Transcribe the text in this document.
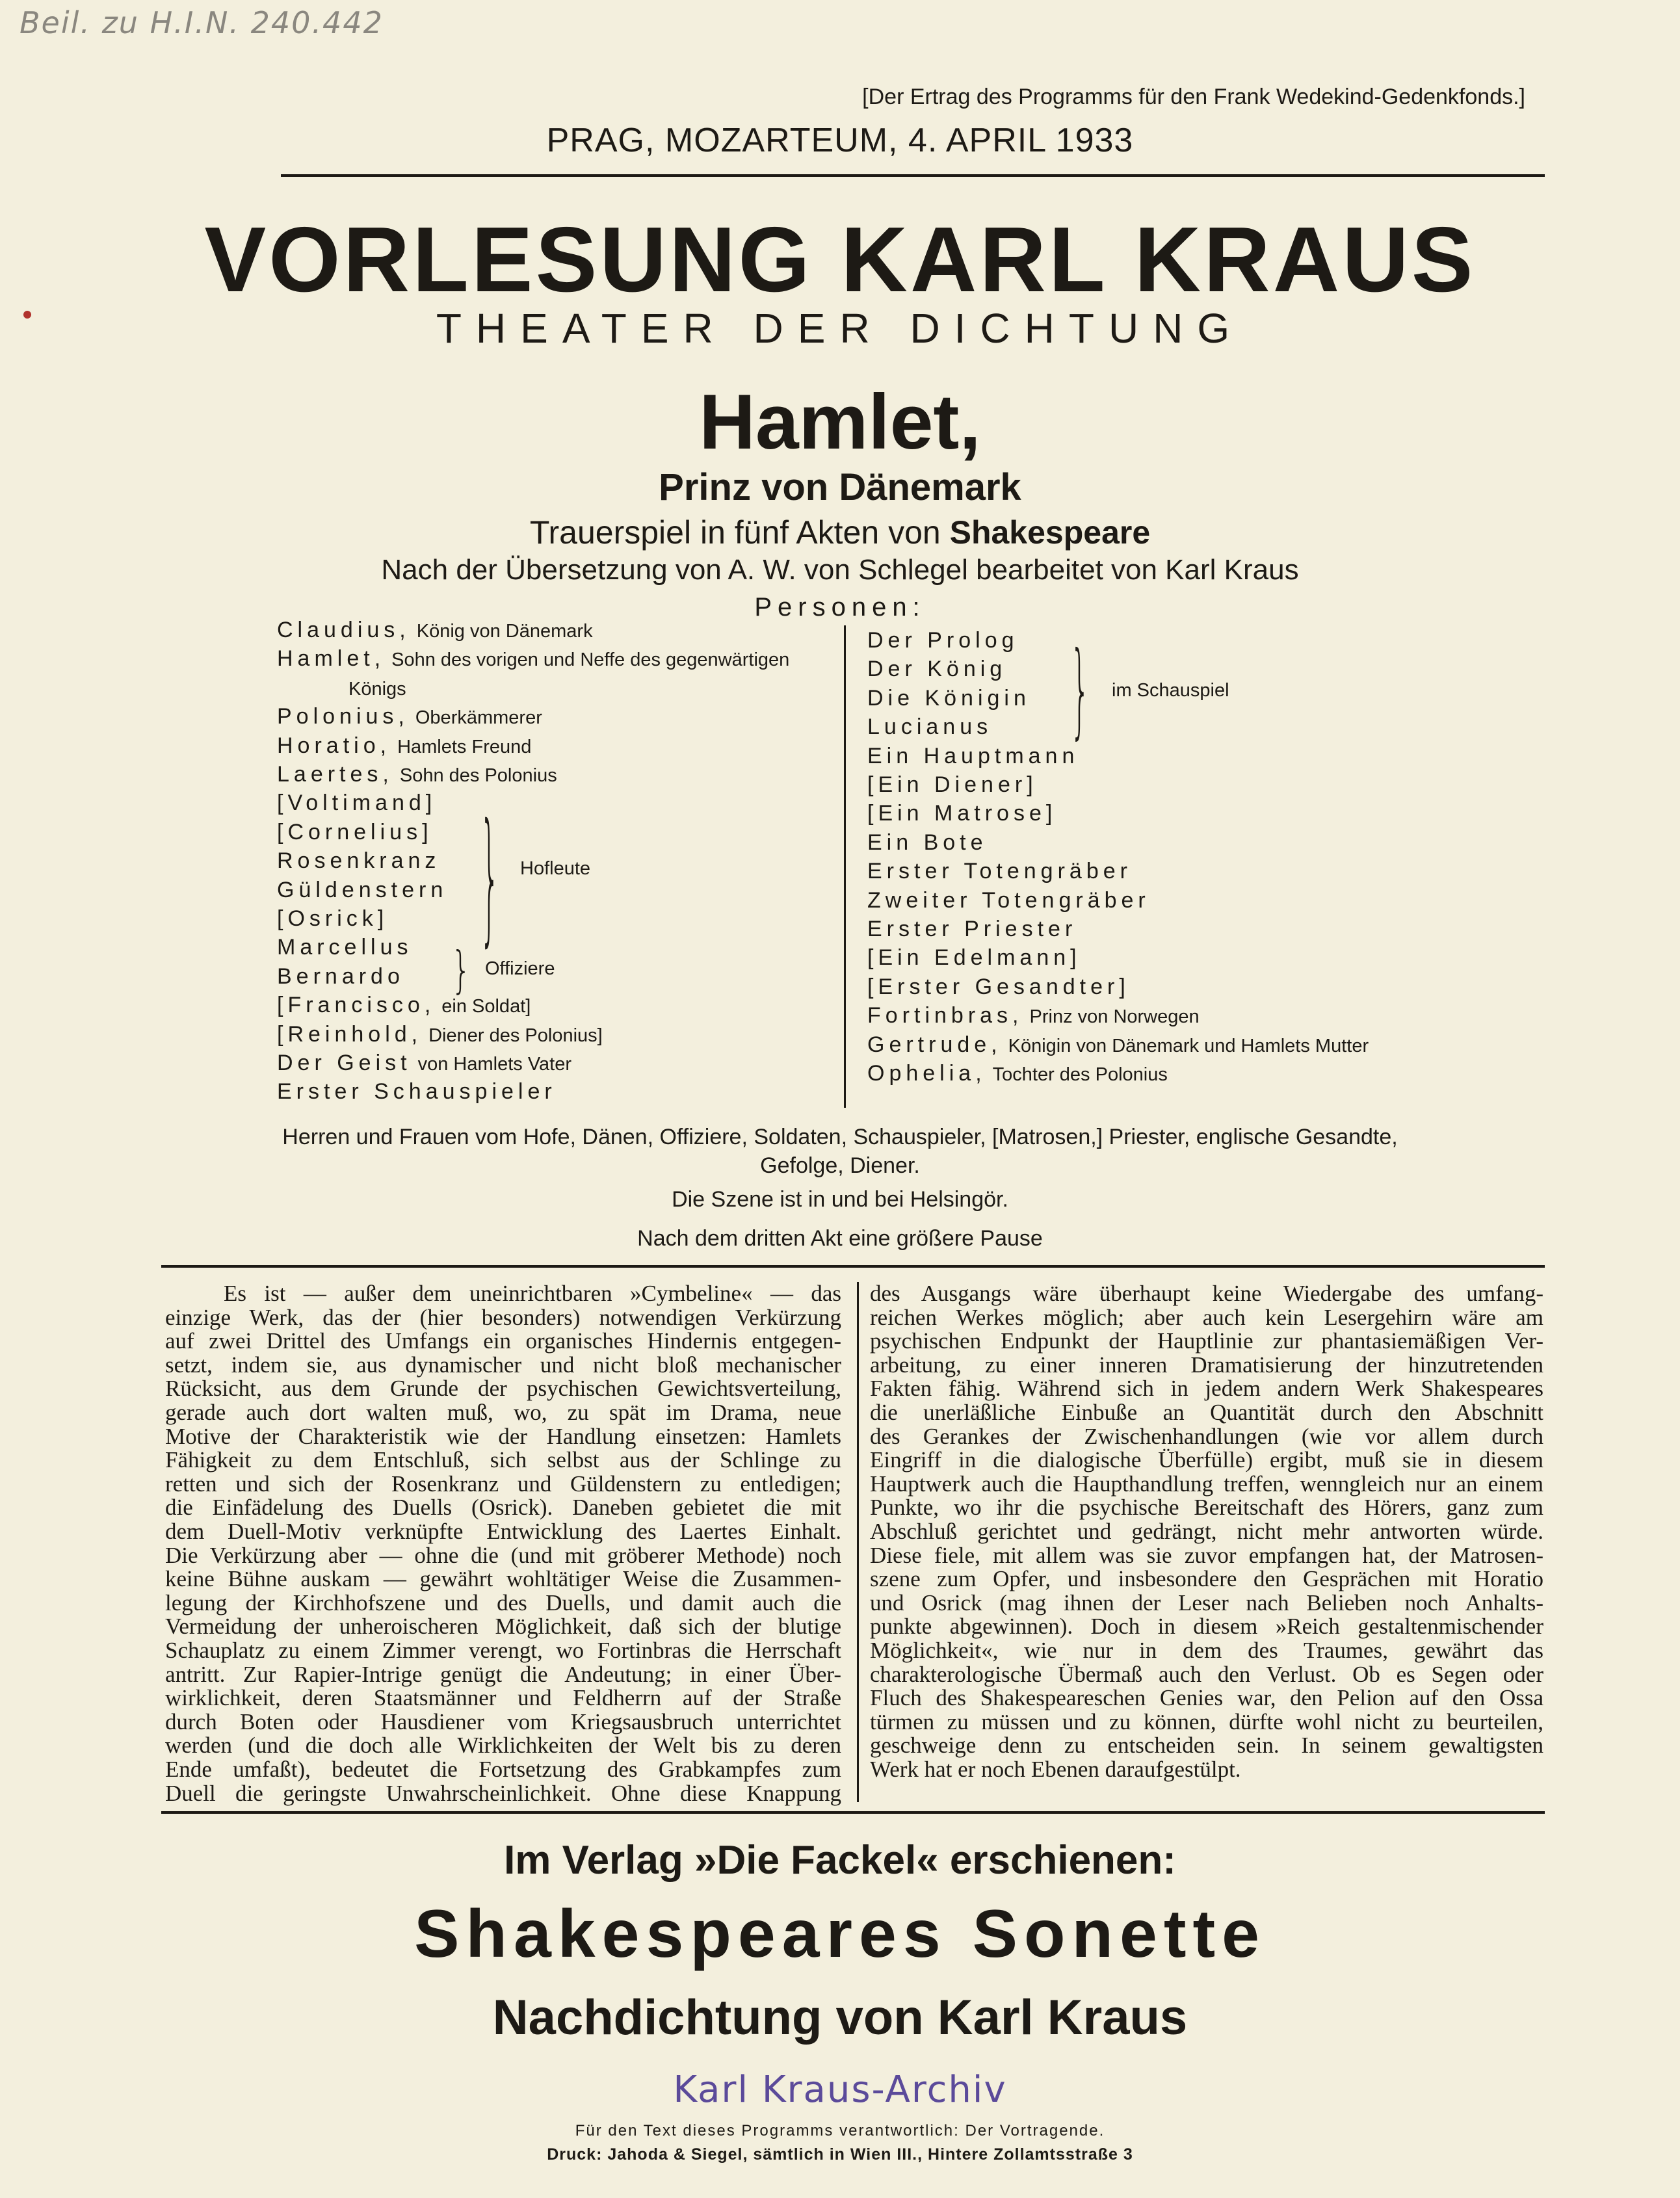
Beil. zu H.I.N. 240.442
[Der Ertrag des Programms für den Frank Wedekind-Gedenkfonds.]
PRAG, MOZARTEUM, 4. APRIL 1933
VORLESUNG KARL KRAUS
THEATER DER DICHTUNG
Hamlet,
Prinz von Dänemark
Trauerspiel in fünf Akten von Shakespeare
Nach der Übersetzung von A. W. von Schlegel bearbeitet von Karl Kraus
Personen:
Claudius, König von Dänemark
Hamlet, Sohn des vorigen und Neffe des gegenwärtigen
Königs
Polonius, Oberkämmerer
Horatio, Hamlets Freund
Laertes, Sohn des Polonius
[Voltimand]
[Cornelius]
Rosenkranz
Güldenstern
[Osrick]
Marcellus
Bernardo
[Francisco, ein Soldat]
[Reinhold, Diener des Polonius]
Der Geist von Hamlets Vater
Erster Schauspieler
Der Prolog
Der König
Die Königin
Lucianus
Ein Hauptmann
[Ein Diener]
[Ein Matrose]
Ein Bote
Erster Totengräber
Zweiter Totengräber
Erster Priester
[Ein Edelmann]
[Erster Gesandter]
Fortinbras, Prinz von Norwegen
Gertrude, Königin von Dänemark und Hamlets Mutter
Ophelia, Tochter des Polonius
} Hofleute
} Offiziere
} im Schauspiel
Herren und Frauen vom Hofe, Dänen, Offiziere, Soldaten, Schauspieler, [Matrosen,] Priester, englische Gesandte,
Gefolge, Diener.
Die Szene ist in und bei Helsingör.
Nach dem dritten Akt eine größere Pause

Es ist — außer dem uneinrichtbaren »Cymbeline« — das

einzige Werk, das der (hier besonders) notwendigen Verkürzung

auf zwei Drittel des Umfangs ein organisches Hindernis entgegen-

setzt, indem sie, aus dynamischer und nicht bloß mechanischer

Rücksicht, aus dem Grunde der psychischen Gewichtsverteilung,

gerade auch dort walten muß, wo, zu spät im Drama, neue

Motive der Charakteristik wie der Handlung einsetzen: Hamlets

Fähigkeit zu dem Entschluß, sich selbst aus der Schlinge zu

retten und sich der Rosenkranz und Güldenstern zu entledigen;

die Einfädelung des Duells (Osrick). Daneben gebietet die mit

dem Duell-Motiv verknüpfte Entwicklung des Laertes Einhalt.

Die Verkürzung aber — ohne die (und mit gröberer Methode) noch

keine Bühne auskam — gewährt wohltätiger Weise die Zusammen-

legung der Kirchhofszene und des Duells, und damit auch die

Vermeidung der unheroischeren Möglichkeit, daß sich der blutige

Schauplatz zu einem Zimmer verengt, wo Fortinbras die Herrschaft

antritt. Zur Rapier-Intrige genügt die Andeutung; in einer Über-

wirklichkeit, deren Staatsmänner und Feldherrn auf der Straße

durch Boten oder Hausdiener vom Kriegsausbruch unterrichtet

werden (und die doch alle Wirklichkeiten der Welt bis zu deren

Ende umfaßt), bedeutet die Fortsetzung des Grabkampfes zum

Duell die geringste Unwahrscheinlichkeit. Ohne diese Knappung

des Ausgangs wäre überhaupt keine Wiedergabe des umfang-

reichen Werkes möglich; aber auch kein Lesergehirn wäre am

psychischen Endpunkt der Hauptlinie zur phantasiemäßigen Ver-

arbeitung, zu einer inneren Dramatisierung der hinzutretenden

Fakten fähig. Während sich in jedem andern Werk Shakespeares

die unerläßliche Einbuße an Quantität durch den Abschnitt

des Gerankes der Zwischenhandlungen (wie vor allem durch

Eingriff in die dialogische Überfülle) ergibt, muß sie in diesem

Hauptwerk auch die Haupthandlung treffen, wenngleich nur an einem

Punkte, wo ihr die psychische Bereitschaft des Hörers, ganz zum

Abschluß gerichtet und gedrängt, nicht mehr antworten würde.

Diese fiele, mit allem was sie zuvor empfangen hat, der Matrosen-

szene zum Opfer, und insbesondere den Gesprächen mit Horatio

und Osrick (mag ihnen der Leser nach Belieben noch Anhalts-

punkte abgewinnen). Doch in diesem »Reich gestaltenmischender

Möglichkeit«, wie nur in dem des Traumes, gewährt das

charakterologische Übermaß auch den Verlust. Ob es Segen oder

Fluch des Shakespeareschen Genies war, den Pelion auf den Ossa

türmen zu müssen und zu können, dürfte wohl nicht zu beurteilen,

geschweige denn zu entscheiden sein. In seinem gewaltigsten

Werk hat er noch Ebenen daraufgestülpt.

Im Verlag »Die Fackel« erschienen:
Shakespeares Sonette
Nachdichtung von Karl Kraus
Karl Kraus-Archiv
Für den Text dieses Programms verantwortlich: Der Vortragende.
Druck: Jahoda & Siegel, sämtlich in Wien III., Hintere Zollamtsstraße 3
